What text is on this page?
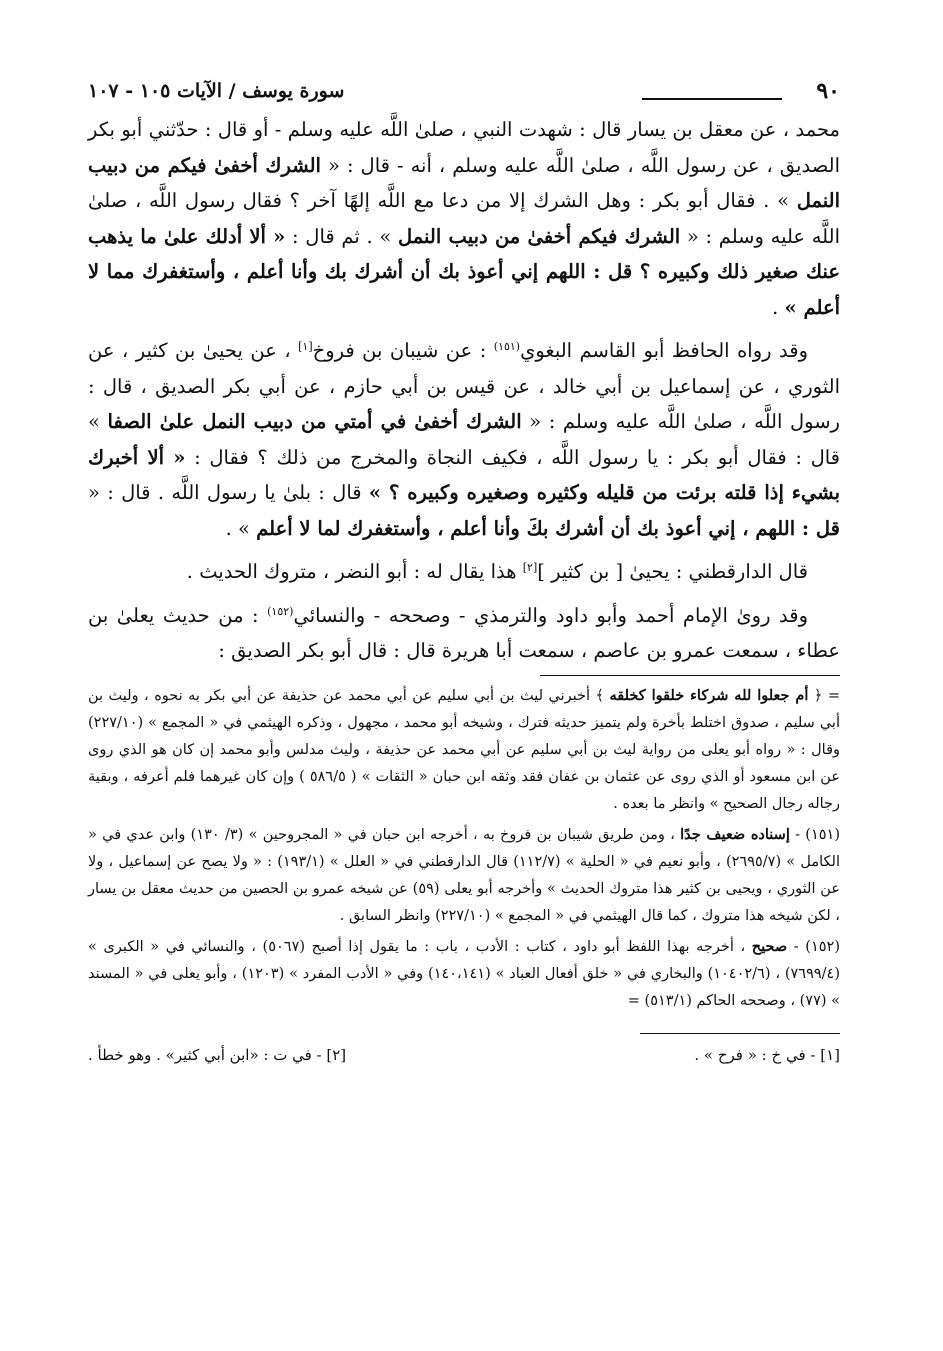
٩٠
سورة يوسف / الآيات ١٠٥ - ١٠٧

محمد ، عن معقل بن يسار قال : شهدت النبي ، صلىٰ اللَّه عليه وسلم - أو قال : حدّثني أبو بكر الصديق ، عن رسول اللَّه ، صلىٰ اللَّه عليه وسلم ، أنه - قال : « الشرك أخفىٰ فيكم من دبيب النمل » . فقال أبو بكر : وهل الشرك إلا من دعا مع اللَّه إلهًا آخر ؟ فقال رسول اللَّه ، صلىٰ اللَّه عليه وسلم : « الشرك فيكم أخفىٰ من دبيب النمل » . ثم قال : « ألا أدلك علىٰ ما يذهب عنك صغير ذلك وكبيره ؟ قل : اللهم إني أعوذ بك أن أشرك بك وأنا أعلم ، وأستغفرك مما لا أعلم » .

وقد رواه الحافظ أبو القاسم البغوي$^{(١٥١)}$ : عن شيبان بن فروخ[١] ، عن يحيىٰ بن كثير ، عن الثوري ، عن إسماعيل بن أبي خالد ، عن قيس بن أبي حازم ، عن أبي بكر الصديق ، قال : رسول اللَّه ، صلىٰ اللَّه عليه وسلم : « الشرك أخفىٰ في أمتي من دبيب النمل علىٰ الصفا » قال : فقال أبو بكر : يا رسول اللَّه ، فكيف النجاة والمخرج من ذلك ؟ فقال : « ألا أخبرك بشيء إذا قلته برئت من قليله وكثيره وصغيره وكبيره ؟ » قال : بلىٰ يا رسول اللَّه . قال : « قل : اللهم ، إني أعوذ بك أن أشرك بكَ وأنا أعلم ، وأستغفرك لما لا أعلم » .

قال الدارقطني : يحيىٰ [ بن كثير ][٢] هذا يقال له : أبو النضر ، متروك الحديث .

وقد روىٰ الإمام أحمد وأبو داود والترمذي - وصححه - والنسائي$^{(١٥٢)}$ : من حديث يعلىٰ بن عطاء ، سمعت عمرو بن عاصم ، سمعت أبا هريرة قال : قال أبو بكر الصديق :

= ﴿ أم جعلوا لله شركاء خلقوا كخلقه ﴾ أخبرني ليث بن أبي سليم عن أبي محمد عن حذيفة عن أبي بكر به نحوه ، وليث بن أبي سليم ، صدوق اختلط بأخرة ولم يتميز حديثه فترك ، وشيخه أبو محمد ، مجهول ، وذكره الهيثمي في « المجمع » (٢٢٧/١٠) وقال : « رواه أبو يعلى من رواية ليث بن أبي سليم عن أبي محمد عن حذيفة ، وليث مدلس وأبو محمد إن كان هو الذي روى عن ابن مسعود أو الذي روى عن عثمان بن عفان فقد وثقه ابن حبان « الثقات » ( ٥٨٦/٥ ) وإن كان غيرهما فلم أعرفه ، وبقية رجاله رجال الصحيح » وانظر ما بعده .

(١٥١) - إسناده ضعيف جدًا ، ومن طريق شيبان بن فروخ به ، أخرجه ابن حبان في « المجروحين » (٣/ ١٣٠) وابن عدي في « الكامل » (٢٦٩٥/٧) ، وأبو نعيم في « الحلية » (١١٢/٧) قال الدارقطني في « العلل » (١٩٣/١) : « ولا يصح عن إسماعيل ، ولا عن الثوري ، ويحيى بن كثير هذا متروك الحديث » وأخرجه أبو يعلى (٥٩) عن شيخه عمرو بن الحصين من حديث معقل بن يسار ، لكن شيخه هذا متروك ، كما قال الهيثمي في « المجمع » (٢٢٧/١٠) وانظر السابق .

(١٥٢) - صحيح ، أخرجه بهذا اللفظ أبو داود ، كتاب : الأدب ، باب : ما يقول إذا أصبح (٥٠٦٧) ، والنسائي في « الكبرى » (٧٦٩٩/٤) ، (١٠٤٠٢/٦) والبخاري في « خلق أفعال العباد » (١٤٠،١٤١) وفي « الأدب المفرد » (١٢٠٣) ، وأبو يعلى في « المسند » (٧٧) ، وصححه الحاكم (٥١٣/١) =

[١] - في خ : « فرح » .
[٢] - في ت : «ابن أبي كثير» . وهو خطأ .
